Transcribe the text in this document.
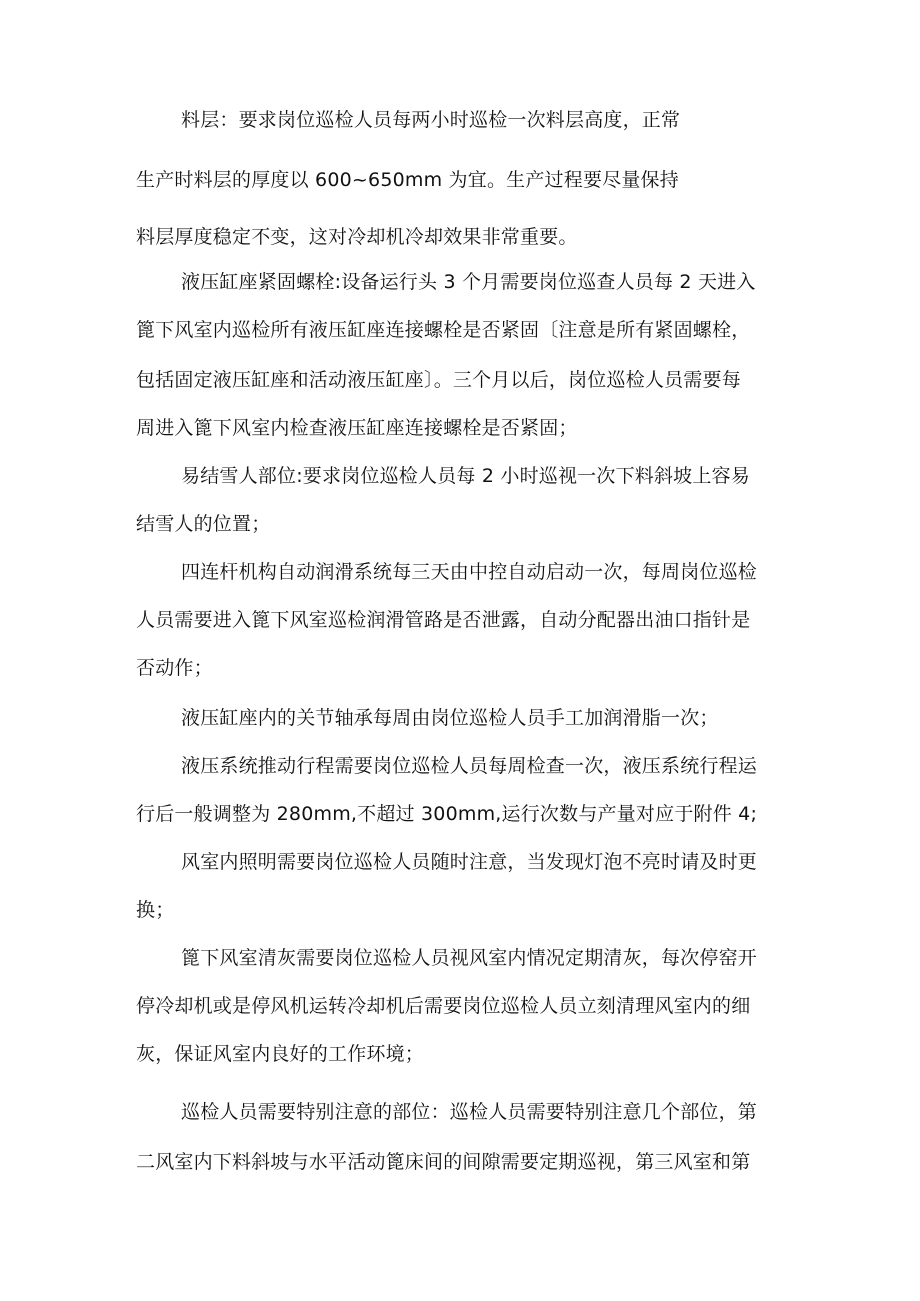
料层：要求岗位巡检人员每两小时巡检一次料层高度，正常
生产时料层的厚度以 600~650mm 为宜。生产过程要尽量保持
料层厚度稳定不变，这对冷却机冷却效果非常重要。
液压缸座紧固螺栓:设备运行头 3 个月需要岗位巡查人员每 2 天进入
篦下风室内巡检所有液压缸座连接螺栓是否紧固〔注意是所有紧固螺栓，
包括固定液压缸座和活动液压缸座〕。三个月以后，岗位巡检人员需要每
周进入篦下风室内检查液压缸座连接螺栓是否紧固；
易结雪人部位:要求岗位巡检人员每 2 小时巡视一次下料斜坡上容易
结雪人的位置；
四连杆机构自动润滑系统每三天由中控自动启动一次，每周岗位巡检
人员需要进入篦下风室巡检润滑管路是否泄露，自动分配器出油口指针是
否动作；
液压缸座内的关节轴承每周由岗位巡检人员手工加润滑脂一次；
液压系统推动行程需要岗位巡检人员每周检查一次，液压系统行程运
行后一般调整为 280mm,不超过 300mm,运行次数与产量对应于附件 4;
风室内照明需要岗位巡检人员随时注意，当发现灯泡不亮时请及时更
换；
篦下风室清灰需要岗位巡检人员视风室内情况定期清灰，每次停窑开
停冷却机或是停风机运转冷却机后需要岗位巡检人员立刻清理风室内的细
灰，保证风室内良好的工作环境；
巡检人员需要特别注意的部位：巡检人员需要特别注意几个部位，第
二风室内下料斜坡与水平活动篦床间的间隙需要定期巡视，第三风室和第
